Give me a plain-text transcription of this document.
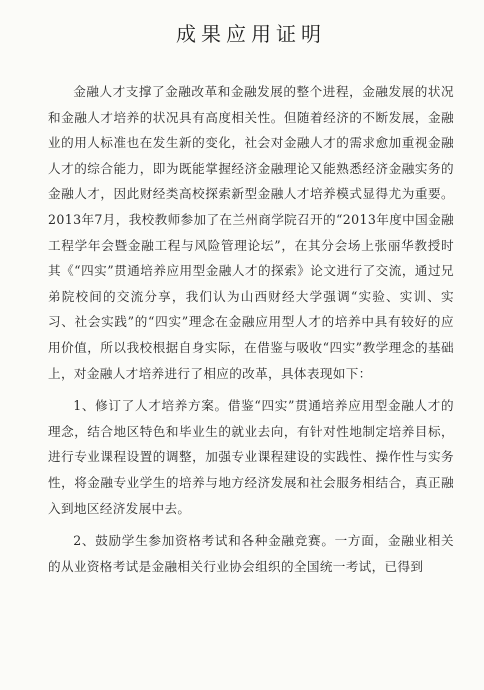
成果应用证明

金融人才支撑了金融改革和金融发展的整个进程，金融发展的状况和金融人才培养的状况具有高度相关性。但随着经济的不断发展，金融业的用人标准也在发生新的变化，社会对金融人才的需求愈加重视金融人才的综合能力，即为既能掌握经济金融理论又能熟悉经济金融实务的金融人才，因此财经类高校探索新型金融人才培养模式显得尤为重要。2013年7月，我校教师参加了在兰州商学院召开的“2013年度中国金融工程学年会暨金融工程与风险管理论坛”，在其分会场上张丽华教授时其《“四实”贯通培养应用型金融人才的探索》论文进行了交流，通过兄弟院校间的交流分享，我们认为山西财经大学强调“实验、实训、实习、社会实践”的“四实”理念在金融应用型人才的培养中具有较好的应用价值，所以我校根据自身实际，在借鉴与吸收“四实”教学理念的基础上，对金融人才培养进行了相应的改革，具体表现如下：

1、修订了人才培养方案。借鉴“四实”贯通培养应用型金融人才的理念，结合地区特色和毕业生的就业去向，有针对性地制定培养目标，进行专业课程设置的调整，加强专业课程建设的实践性、操作性与实务性，将金融专业学生的培养与地方经济发展和社会服务相结合，真正融入到地区经济发展中去。

2、鼓励学生参加资格考试和各种金融竞赛。一方面，金融业相关的从业资格考试是金融相关行业协会组织的全国统一考试，已得到
